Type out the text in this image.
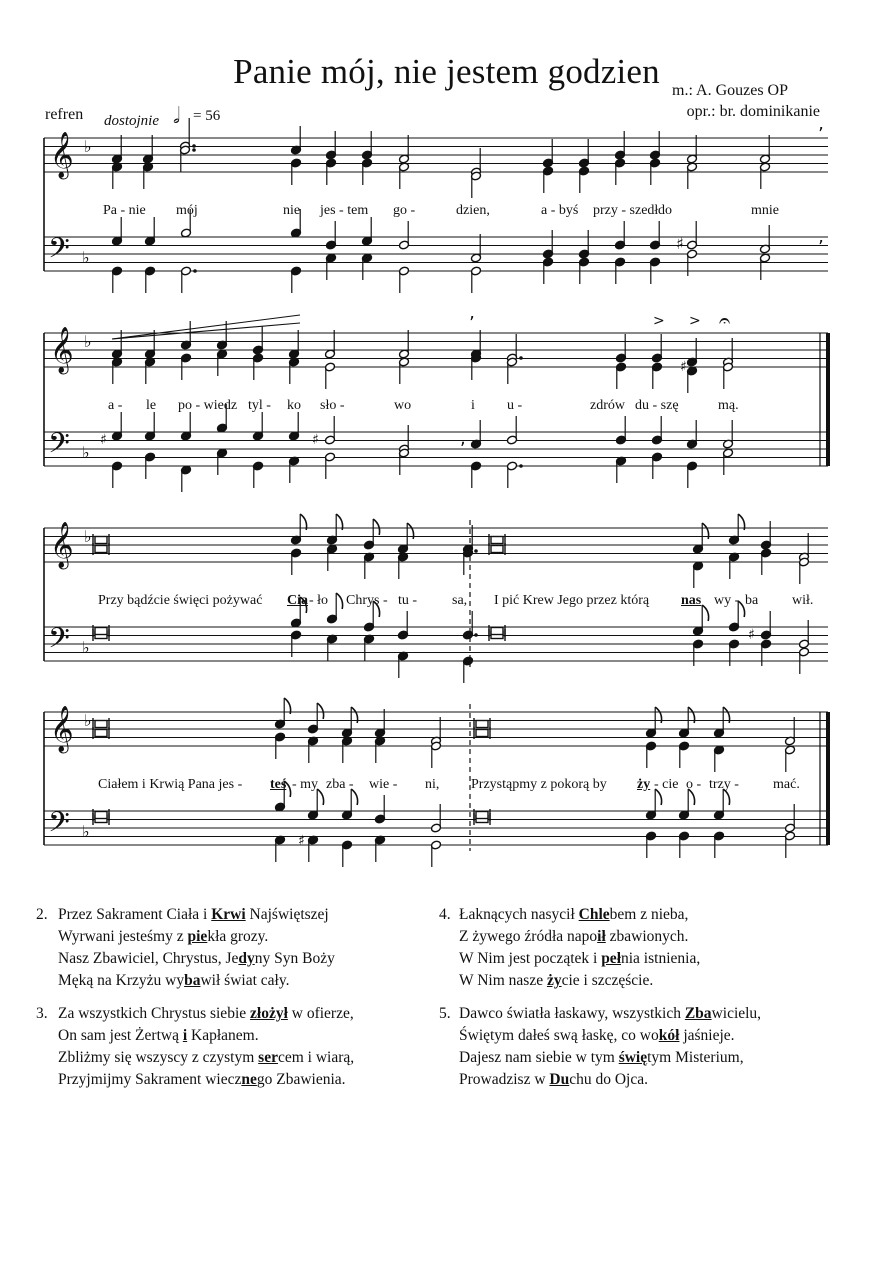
Panie mój, nie jestem godzien m.: A. Gouzes OP
opr.: br. dominikanie
refren dostojnie 𝅗𝅥 = 56
𝄞
𝄢
♭
♭
𝄞
𝄢
♭
♭
𝄞
𝄢
♭
♭
𝄞
𝄢
♭
♭
’
♯	’
’	> > 𝄐
♯
♯
♯	,
♯
♯
Pa - nie mój	nie jes - tem go -	dzien,	a - byś przy - szedł do	mnie
a - le po - wiedz tyl - ko sło -	wo	i u -	zdrów du - szę	mą.
Przy bądźcie święci pożywać Cia - ło Chrys - tu - sa, I pić Krew Jego przez którą nas wy - ba wił.
Ciałem i Krwią Pana jes - teś - my zba - wie - ni, Przystąpmy z pokorą by ży - cie o - trzy - mać.
2. Przez Sakrament Ciała i Krwi Najświętszej
Wyrwani jesteśmy z piekła grozy.
Nasz Zbawiciel, Chrystus, Jedyny Syn Boży
Męką na Krzyżu wybawił świat cały.
3. Za wszystkich Chrystus siebie złożył w ofierze,
On sam jest Żertwą i Kapłanem.
Zbliżmy się wszyscy z czystym sercem i wiarą,
Przyjmijmy Sakrament wiecznego Zbawienia.
4. Łaknących nasycił Chlebem z nieba,
Z żywego źródła napoił zbawionych.
W Nim jest początek i pełnia istnienia,
W Nim nasze życie i szczęście.
5. Dawco światła łaskawy, wszystkich Zbawicielu,
Świętym dałeś swą łaskę, co wokół jaśnieje.
Dajesz nam siebie w tym świętym Misterium,
Prowadzisz w Duchu do Ojca.
